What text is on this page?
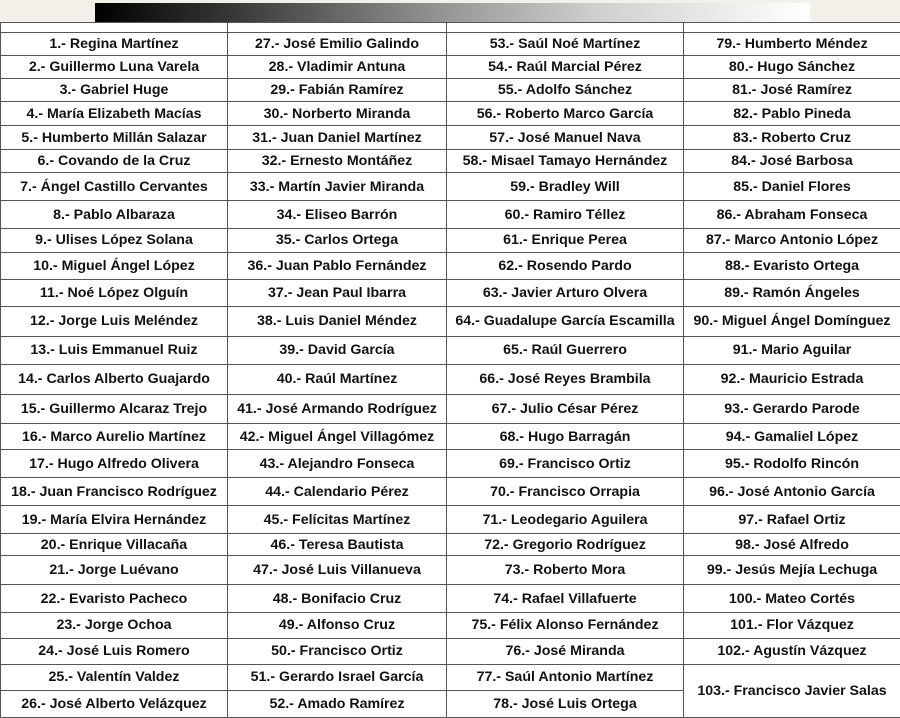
1.- Regina Martínez	27.- José Emilio Galindo	53.- Saúl Noé Martínez	79.- Humberto Méndez
2.- Guillermo Luna Varela	28.- Vladimir Antuna	54.- Raúl Marcial Pérez	80.- Hugo Sánchez
3.- Gabriel Huge	29.- Fabián Ramírez	55.- Adolfo Sánchez	81.- José Ramírez
4.- María Elizabeth Macías	30.- Norberto Miranda	56.- Roberto Marco García	82.- Pablo Pineda
5.- Humberto Millán Salazar	31.- Juan Daniel Martínez	57.- José Manuel Nava	83.- Roberto Cruz
6.- Covando de la Cruz	32.- Ernesto Montáñez	58.- Misael Tamayo Hernández	84.- José Barbosa
7.- Ángel Castillo Cervantes	33.- Martín Javier Miranda	59.- Bradley Will	85.- Daniel Flores
8.- Pablo Albaraza	34.- Eliseo Barrón	60.- Ramiro Téllez	86.- Abraham Fonseca
9.- Ulises López Solana	35.- Carlos Ortega	61.- Enrique Perea	87.- Marco Antonio López
10.- Miguel Ángel López	36.- Juan Pablo Fernández	62.- Rosendo Pardo	88.- Evaristo Ortega
11.- Noé López Olguín	37.- Jean Paul Ibarra	63.- Javier Arturo Olvera	89.- Ramón Ángeles
12.- Jorge Luis Meléndez	38.- Luis Daniel Méndez	64.- Guadalupe García Escamilla	90.- Miguel Ángel Domínguez
13.- Luis Emmanuel Ruiz	39.- David García	65.- Raúl Guerrero	91.- Mario Aguilar
14.- Carlos Alberto Guajardo	40.- Raúl Martínez	66.- José Reyes Brambila	92.- Mauricio Estrada
15.- Guillermo Alcaraz Trejo	41.- José Armando Rodríguez	67.- Julio César Pérez	93.- Gerardo Parode
16.- Marco Aurelio Martínez	42.- Miguel Ángel Villagómez	68.- Hugo Barragán	94.- Gamaliel López
17.- Hugo Alfredo Olivera	43.- Alejandro Fonseca	69.- Francisco Ortiz	95.- Rodolfo Rincón
18.- Juan Francisco Rodríguez	44.- Calendario Pérez	70.- Francisco Orrapia	96.- José Antonio García
19.- María Elvira Hernández	45.- Felícitas Martínez	71.- Leodegario Aguilera	97.- Rafael Ortiz
20.- Enrique Villacaña	46.- Teresa Bautista	72.- Gregorio Rodríguez	98.- José Alfredo
21.- Jorge Luévano	47.- José Luis Villanueva	73.- Roberto Mora	99.- Jesús Mejía Lechuga
22.- Evaristo Pacheco	48.- Bonifacio Cruz	74.- Rafael Villafuerte	100.- Mateo Cortés
23.- Jorge Ochoa	49.- Alfonso Cruz	75.- Félix Alonso Fernández	101.- Flor Vázquez
24.- José Luis Romero	50.- Francisco Ortiz	76.- José Miranda	102.- Agustín Vázquez
25.- Valentín Valdez	51.- Gerardo Israel García	77.- Saúl Antonio Martínez	103.- Francisco Javier Salas
26.- José Alberto Velázquez	52.- Amado Ramírez	78.- José Luis Ortega	
